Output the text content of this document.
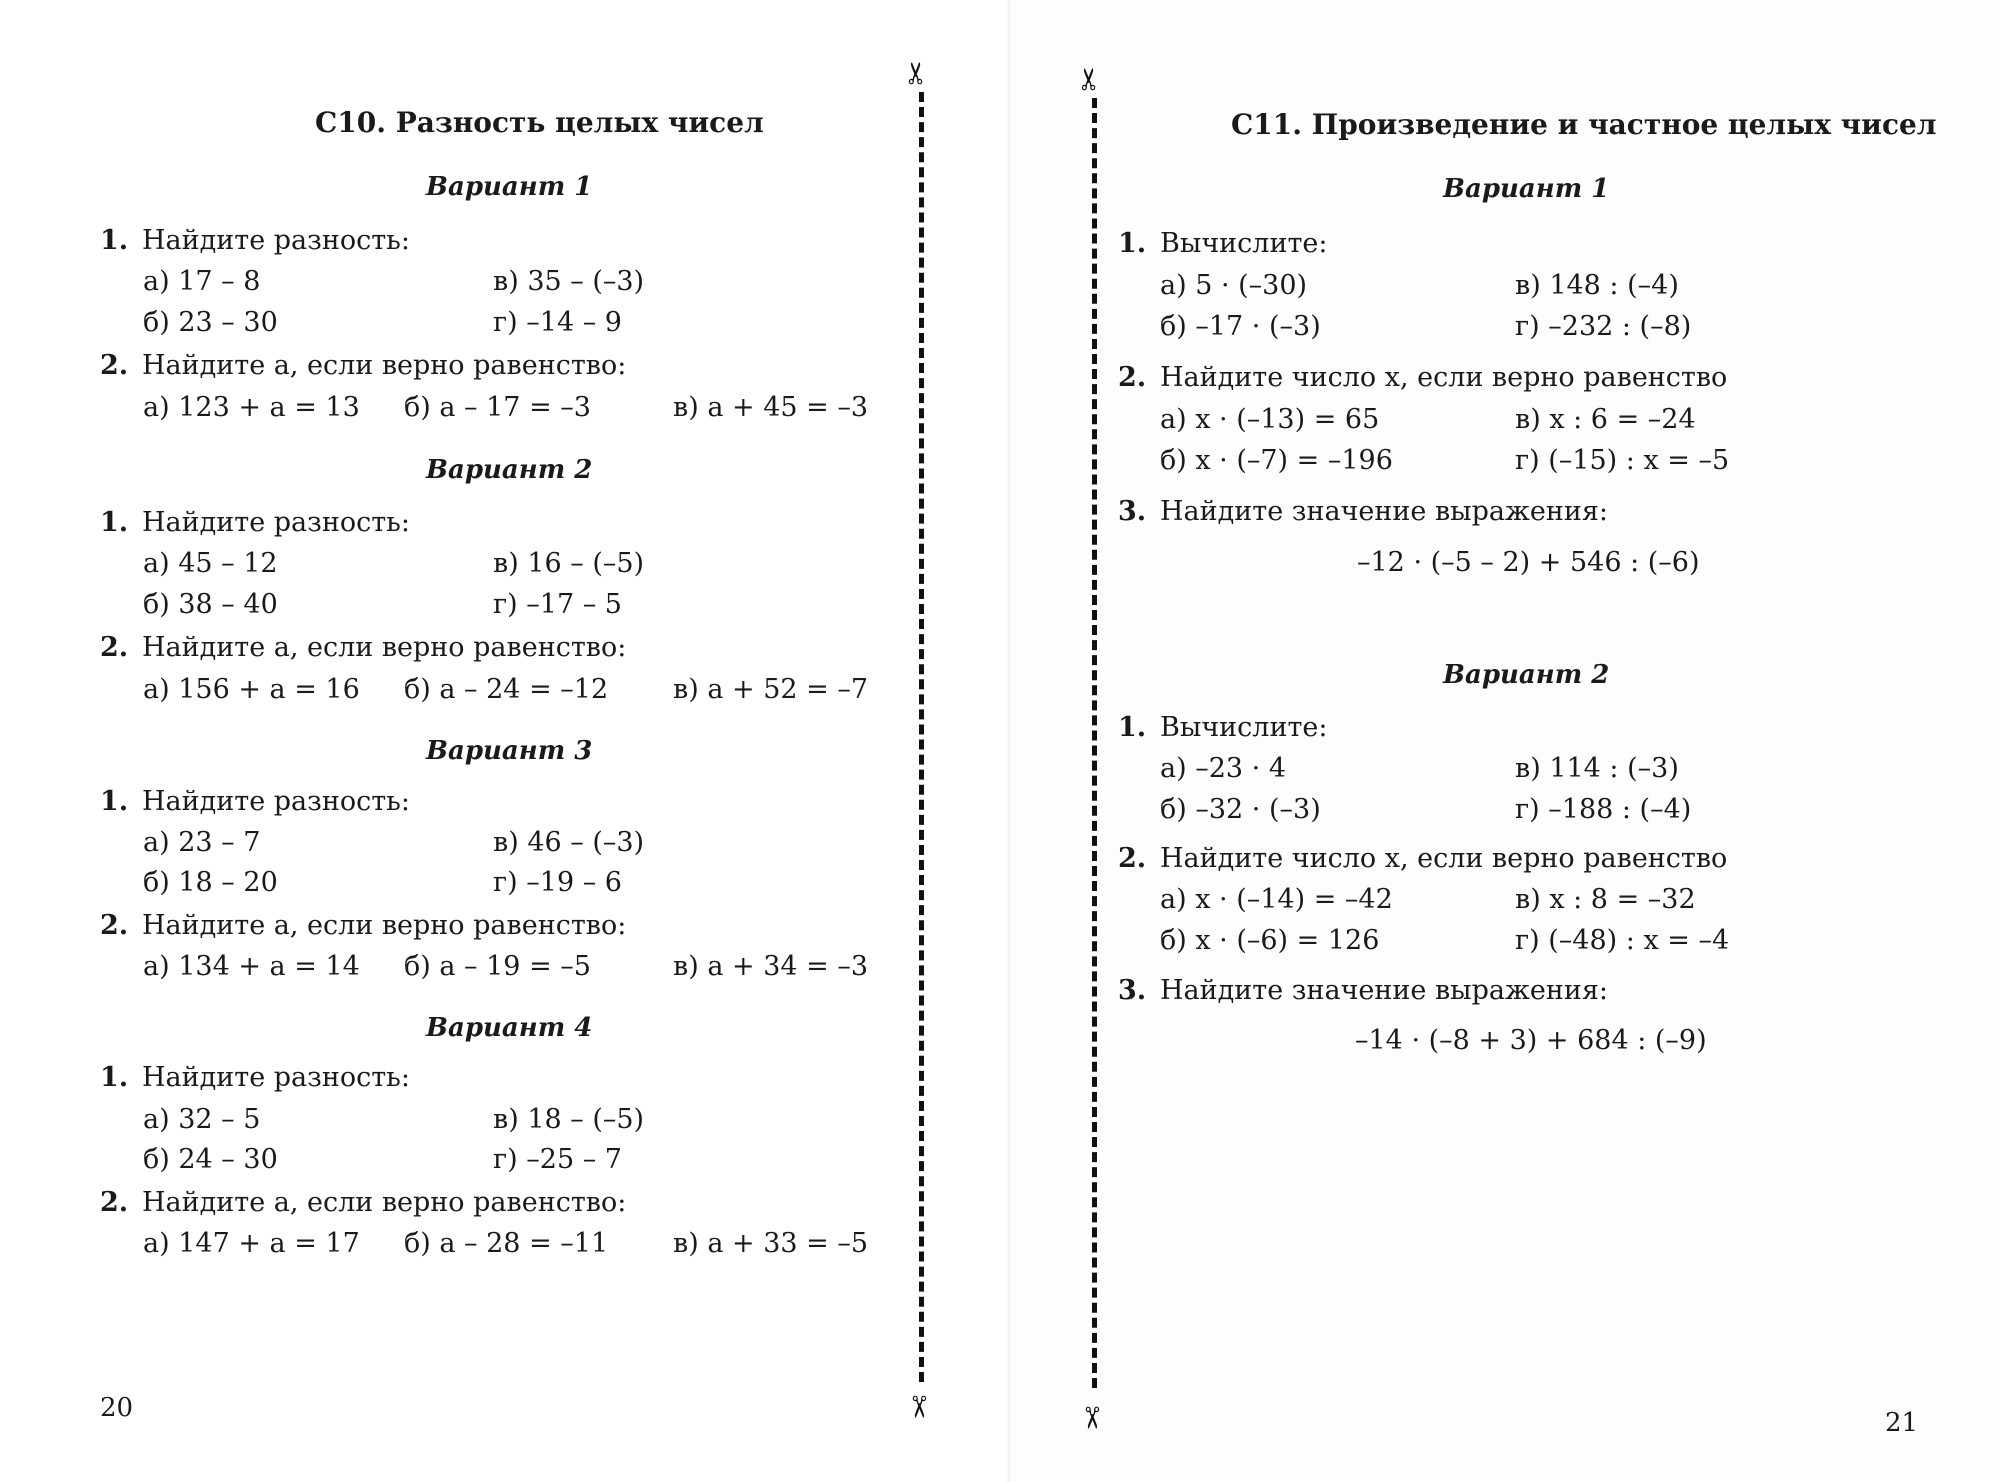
С10. Разность целых чисел
Вариант 1
1. Найдите разность:
а) 17 – 8	в) 35 – (–3)
б) 23 – 30	г) –14 – 9
2. Найдите a, если верно равенство:
а) 123 + a = 13 б) a – 17 = –3	в) a + 45 = –3
Вариант 2
1. Найдите разность:
а) 45 – 12	в) 16 – (–5)
б) 38 – 40	г) –17 – 5
2. Найдите a, если верно равенство:
а) 156 + a = 16 б) a – 24 = –12 в) a + 52 = –7
Вариант 3
1. Найдите разность:
а) 23 – 7	в) 46 – (–3)
б) 18 – 20	г) –19 – 6
2. Найдите a, если верно равенство:
а) 134 + a = 14 б) a – 19 = –5	в) a + 34 = –3
Вариант 4
1. Найдите разность:
а) 32 – 5	в) 18 – (–5)
б) 24 – 30	г) –25 – 7
2. Найдите a, если верно равенство:
а) 147 + a = 17 б) a – 28 = –11 в) a + 33 = –5
20
✂
✂
✂
✂
С11. Произведение и частное целых чисел
Вариант 1
1. Вычислите:
а) 5 · (–30)	в) 148 : (–4)
б) –17 · (–3)	г) –232 : (–8)
2. Найдите число x, если верно равенство
а) x · (–13) = 65	в) x : 6 = –24
б) x · (–7) = –196	г) (–15) : x = –5
3. Найдите значение выражения:
–12 · (–5 – 2) + 546 : (–6)
Вариант 2
1. Вычислите:
а) –23 · 4	в) 114 : (–3)
б) –32 · (–3)	г) –188 : (–4)
2. Найдите число x, если верно равенство
а) x · (–14) = –42	в) x : 8 = –32
б) x · (–6) = 126	г) (–48) : x = –4
3. Найдите значение выражения:
–14 · (–8 + 3) + 684 : (–9)
21
